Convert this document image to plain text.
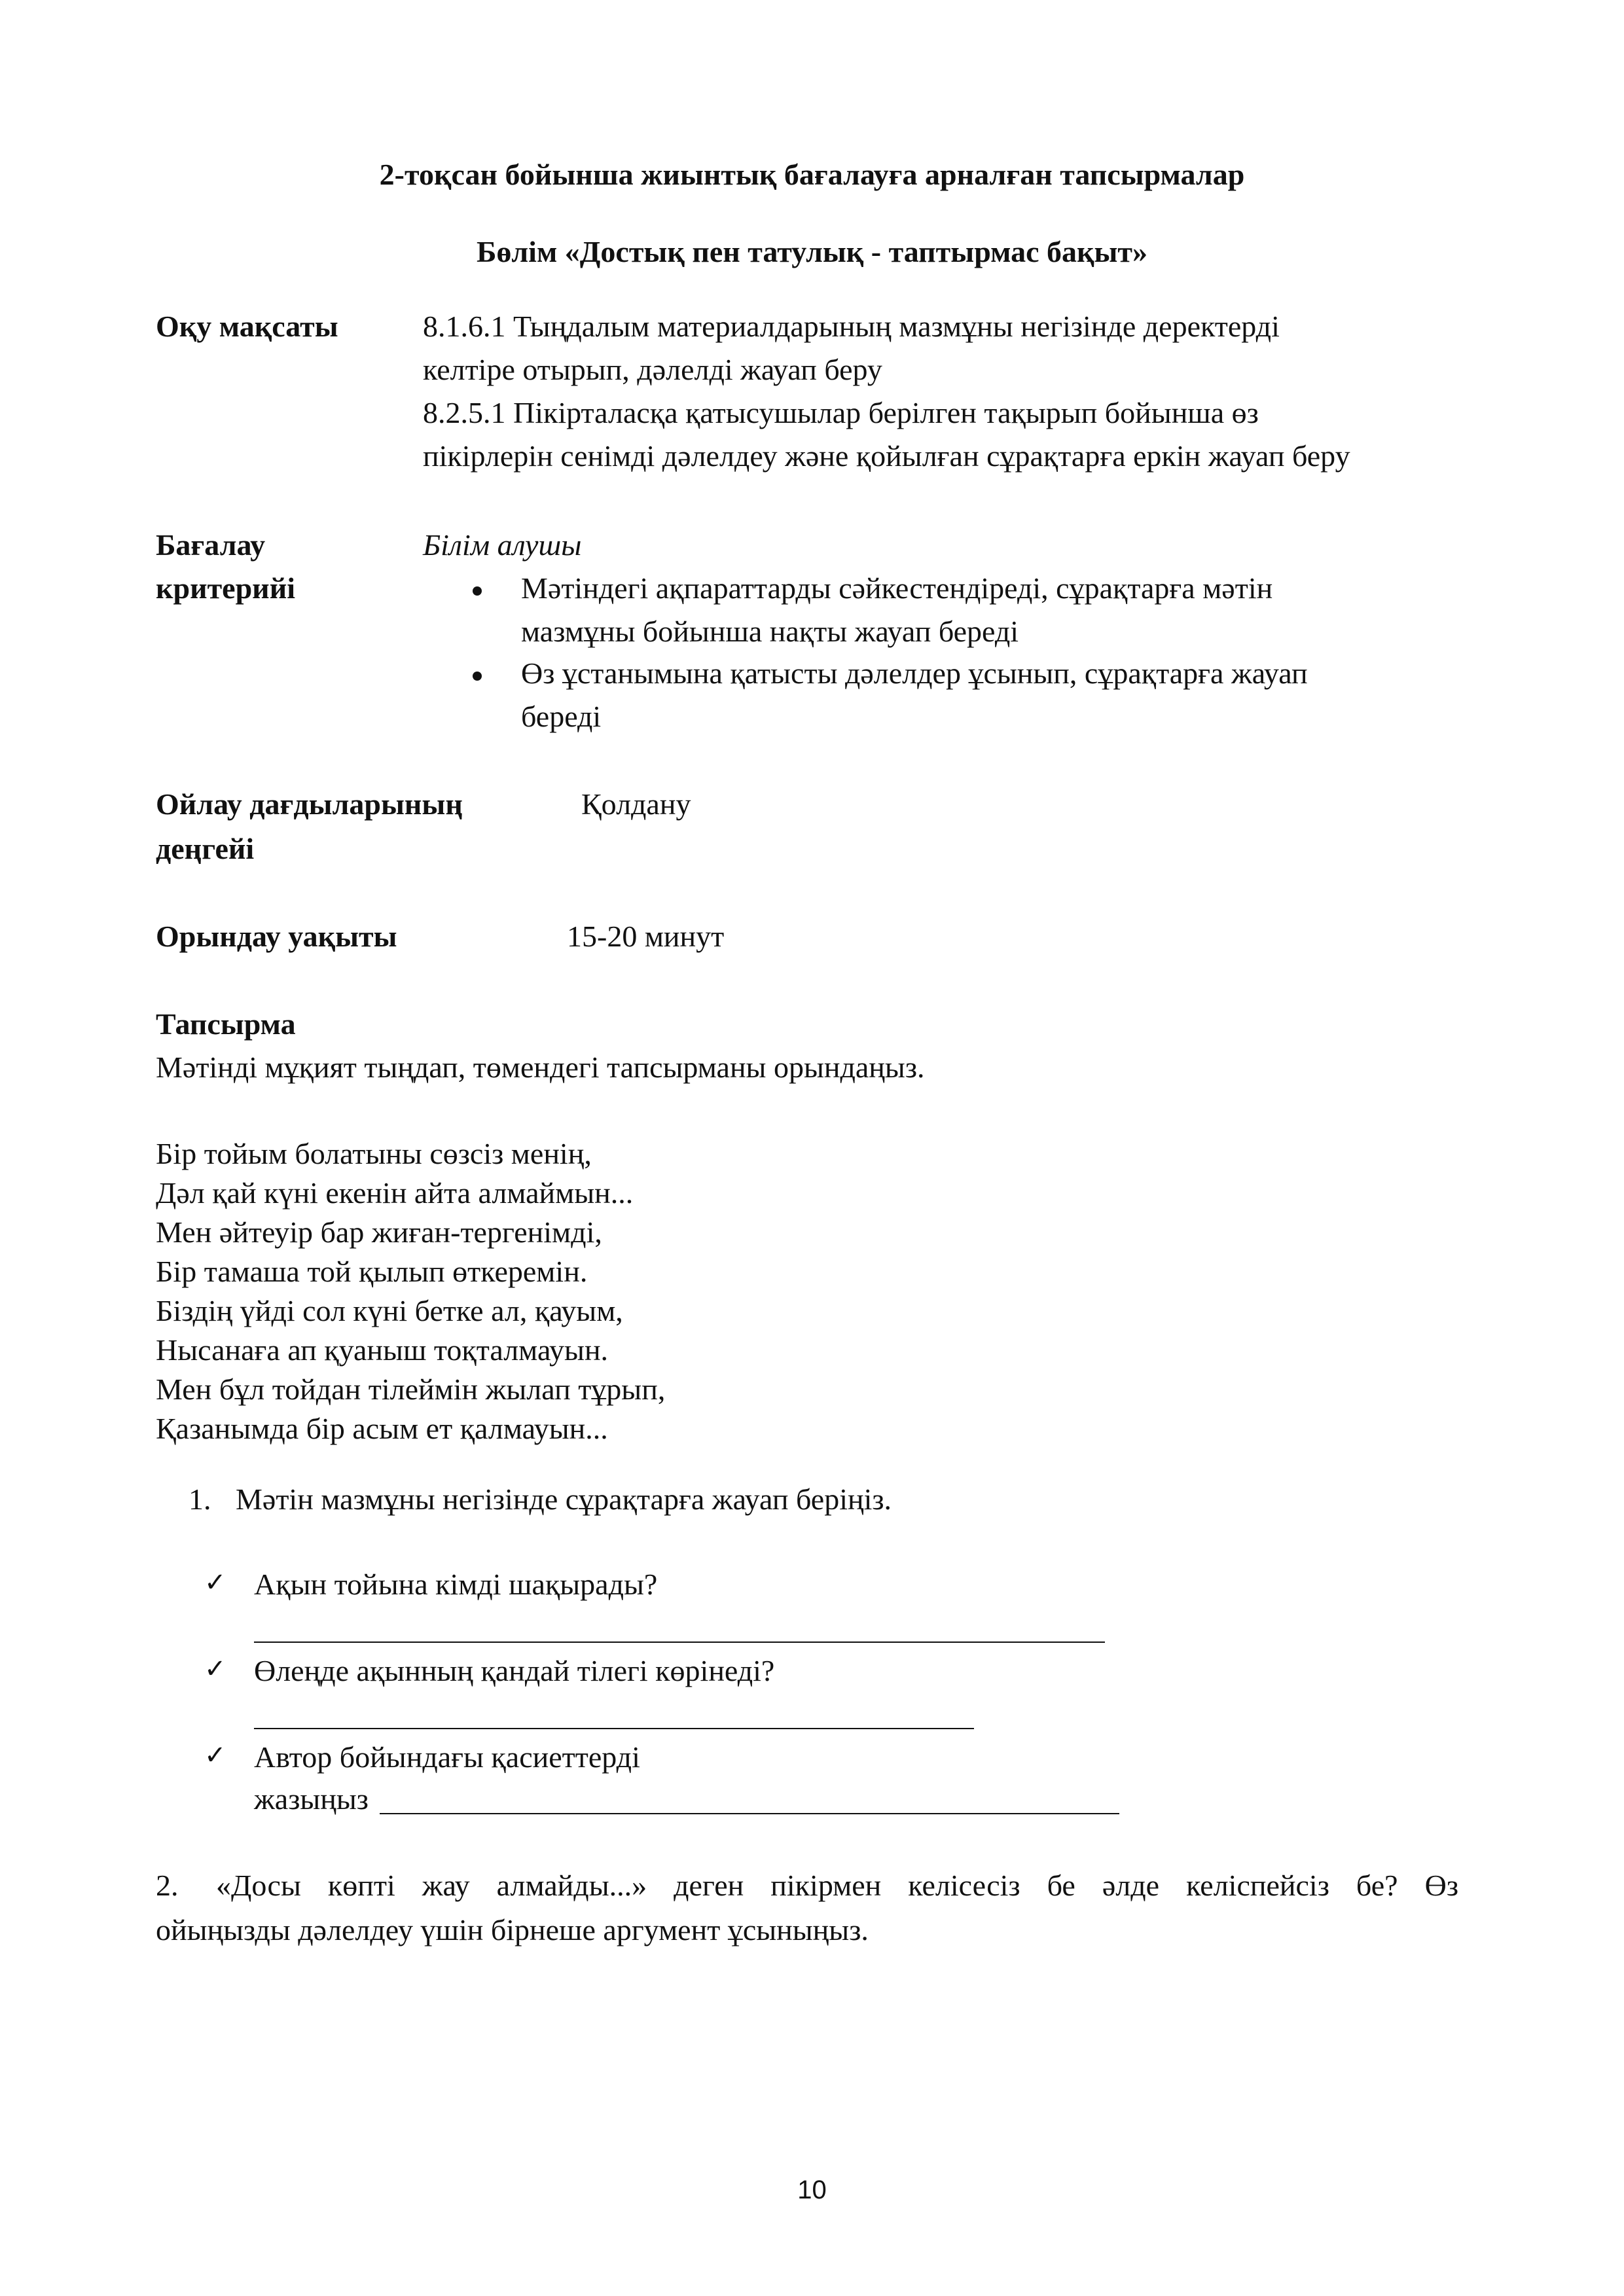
2-тоқсан бойынша жиынтық бағалауға арналған тапсырмалар
Бөлім «Достық пен татулық - таптырмас бақыт»
Оқу мақсаты	8.1.6.1 Тыңдалым материалдарының мазмұны негізінде деректерді
келтіре отырып, дәлелді жауап беру
8.2.5.1 Пікірталасқа қатысушылар берілген тақырып бойынша өз
пікірлерін сенімді дәлелдеу және қойылған сұрақтарға еркін жауап беру
Бағалау
критерийі
Білім алушы
Мәтіндегі ақпараттарды сәйкестендіреді, сұрақтарға мәтін
мазмұны бойынша нақты жауап береді
Өз ұстанымына қатысты дәлелдер ұсынып, сұрақтарға жауап
береді
Ойлау дағдыларының
деңгейі
Қолдану
Орындау уақыты	15-20 минут
Тапсырма
Мәтінді мұқият тыңдап, төмендегі тапсырманы орындаңыз.
Бір тойым болатыны сөзсіз менің,
Дәл қай күні екенін айта алмаймын...
Мен әйтеуір бар жиған-тергенімді,
Бір тамаша той қылып өткеремін.
Біздің үйді сол күні бетке ал, қауым,
Нысанаға ап қуаныш тоқталмауын.
Мен бұл тойдан тілеймін жылап тұрып,
Қазанымда бір асым ет қалмауын...
1. Мәтін мазмұны негізінде сұрақтарға жауап беріңіз.
✓ Ақын тойына кімді шақырады?
✓ Өлеңде ақынның қандай тілегі көрінеді?
✓ Автор бойындағы қасиеттерді
жазыңыз
2. «Досы көпті жау алмайды...» деген пікірмен келісесіз бе әлде келіспейсіз бе? Өз
ойыңызды дәлелдеу үшін бірнеше аргумент ұсыныңыз.
10
